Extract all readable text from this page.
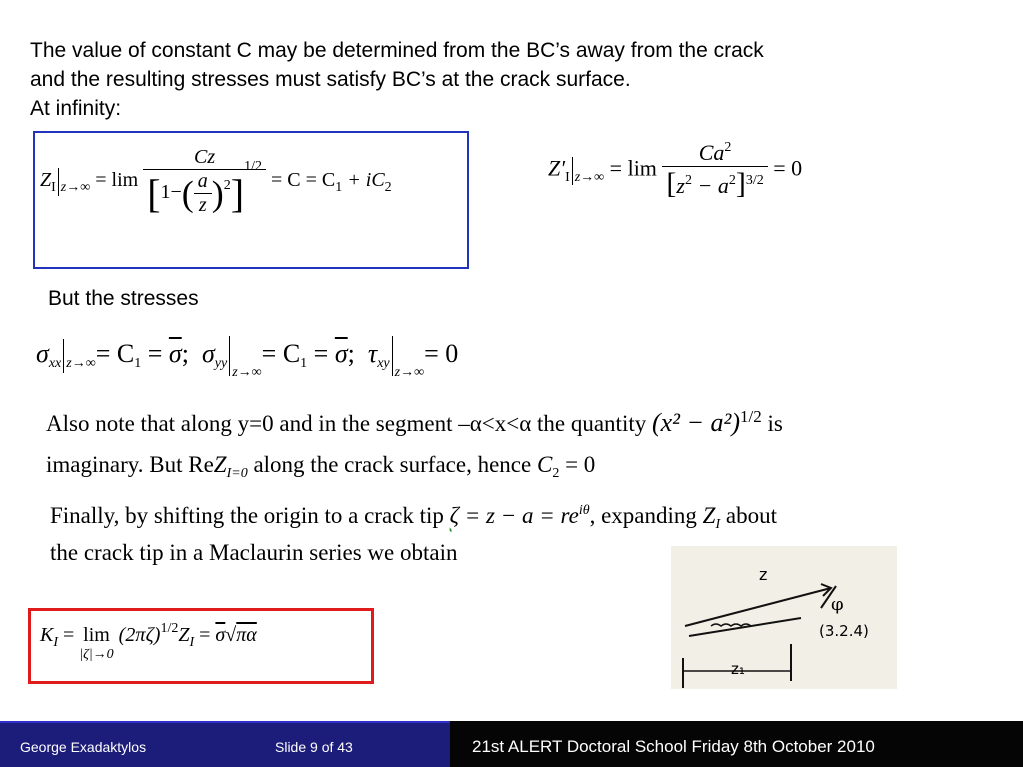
The value of constant C may be determined from the BC’s away from the crack
and the resulting stresses must satisfy BC’s at the crack surface.
At infinity:
$Z_I$ $_{z\to\infty} = \lim \frac{Cz}{[1-( \frac{a}{z} )^2]^{1/2}} = C = C_1 + iC_2$
$Z'_I$ $_{z\to\infty} = \lim \frac{Ca^2}{[z^2 - a^2]^{3/2}} = 0$
But the stresses
σxx $z\to\infty= C1 = \overline{\sigma}$; $\sigma yy_{z\to\infty}= C1 = \overline{\sigma}$; τxy$_{z\to\infty}$= 0
Also note that along y=0 and in the segment –α<x<α the quantity $(x^2 - a^2)^{1/2}$ is
imaginary. But ReZ$_{I=0}$ along the crack surface, hence $C_2 = 0$
Finally, by shifting the origin to a crack tip $\zeta = z - a = re^{i\theta}$, expanding $Z_I$ about
the crack tip in a Maclaurin series we obtain
$K_I = \lim$
|ζ|→0
$(2\pi\zeta)^{1/2}Z_I = \overline{\sigma}√\pi\alpha$
z
φ
(3.2.4)
z₁
George Exadaktylos	Slide 9 of 43	21st ALERT Doctoral School Friday 8th October 2010
